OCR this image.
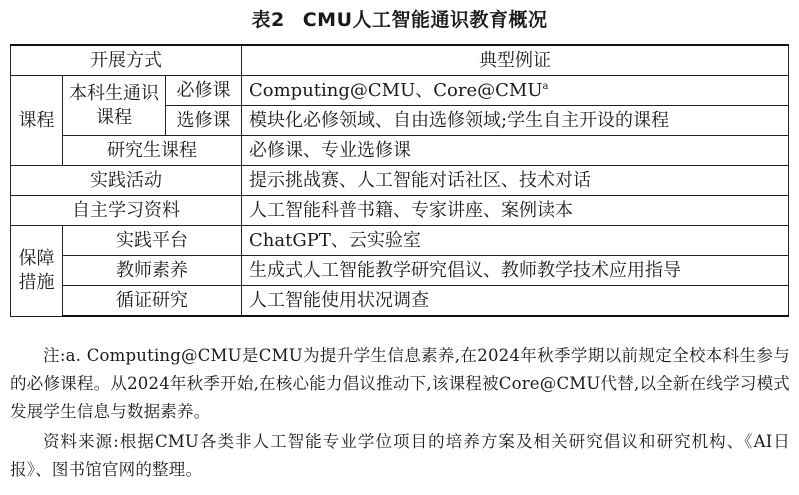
表2 CMU人工智能通识教育概况
开展方式			典型例证
课程	本科生通识课程	必修课	Computing@CMU、Core@CMU$^a$
		选修课	模块化必修领域、自由选修领域;学生自主开设的课程
	研究生课程		必修课、专业选修课
实践活动			提示挑战赛、人工智能对话社区、技术对话
自主学习资料			人工智能科普书籍、专家讲座、案例读本
保障措施	实践平台		ChatGPT、云实验室
	教师素养		生成式人工智能教学研究倡议、教师教学技术应用指导
	循证研究		人工智能使用状况调查

注:a. Computing@CMU是CMU为提升学生信息素养,在2024年秋季学期以前规定全校本科生参与的必修课程。从2024年秋季开始,在核心能力倡议推动下,该课程被Core@CMU代替,以全新在线学习模式发展学生信息与数据素养。

资料来源:根据CMU各类非人工智能专业学位项目的培养方案及相关研究倡议和研究机构、《AI日报》、图书馆官网的整理。
